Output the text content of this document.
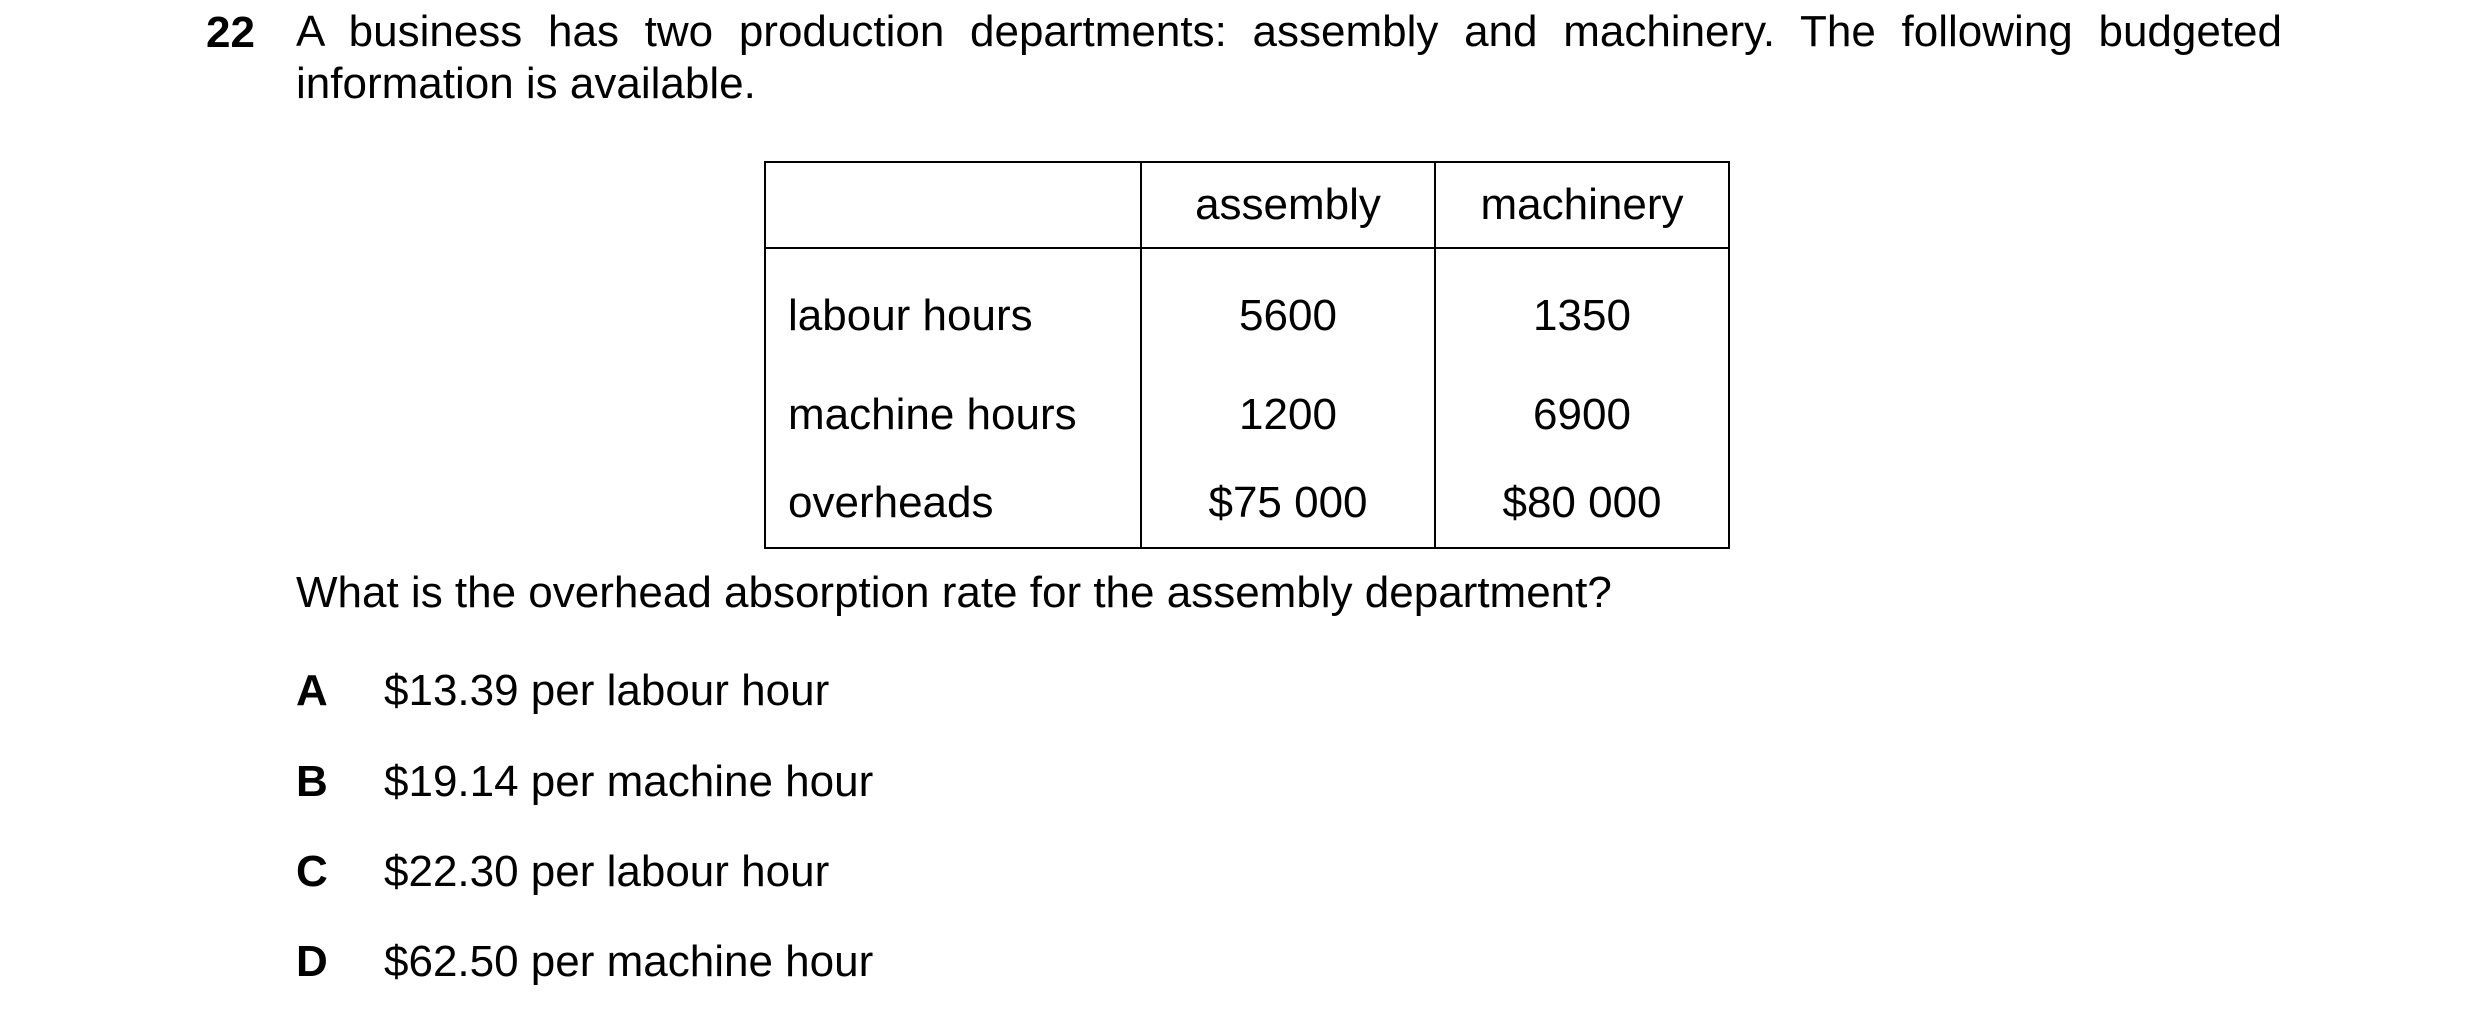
22 A business has two production departments: assembly and machinery. The following budgeted information is available.
	assembly	machinery
labour hours	5600	1350
machine hours	1200	6900
overheads	$75 000	$80 000
What is the overhead absorption rate for the assembly department?
A	$13.39 per labour hour
B	$19.14 per machine hour
C	$22.30 per labour hour
D	$62.50 per machine hour
